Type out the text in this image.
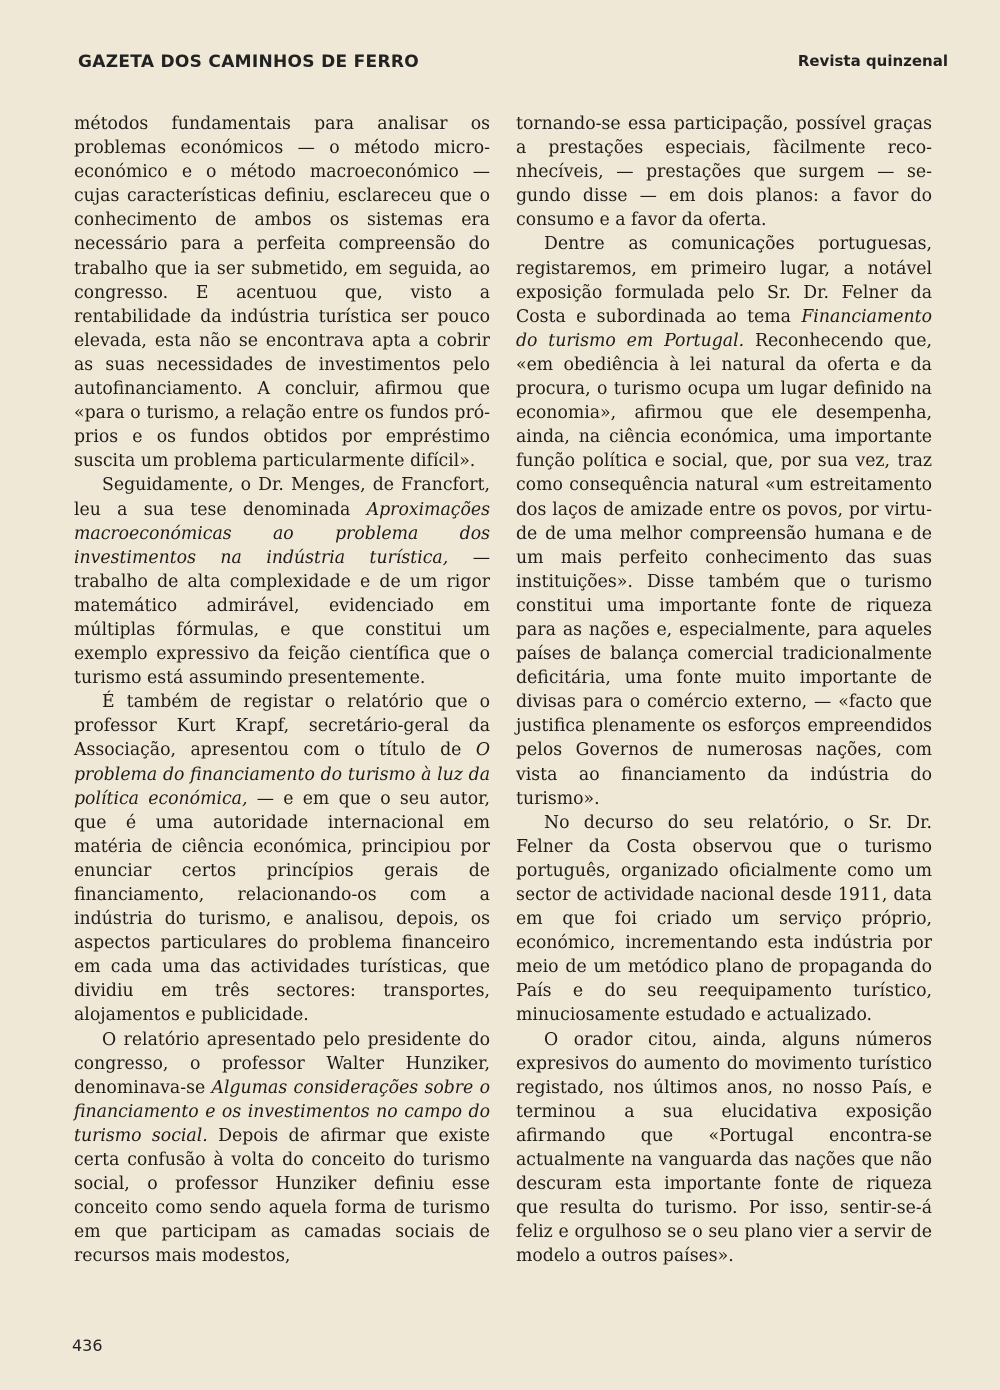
GAZETA DOS CAMINHOS DE FERRO	Revista quinzenal

métodos fundamentais para analisar os problemas económicos — o método microeconómico e o método macroeconómico — cujas características definiu, esclareceu que o conhecimento de ambos os sistemas era necessário para a perfeita compreensão do trabalho que ia ser submetido, em seguida, ao congresso. E acentuou que, visto a rentabilidade da indústria turística ser pouco elevada, esta não se encontrava apta a cobrir as suas necessidades de investimentos pelo autofinanciamento. A concluir, afirmou que «para o turismo, a relação entre os fundos próprios e os fundos obtidos por empréstimo suscita um problema particularmente difícil».

Seguidamente, o Dr. Menges, de Francfort, leu a sua tese denominada Aproximações macroeconómicas ao problema dos investimentos na indústria turística, — trabalho de alta complexidade e de um rigor matemático admirável, evidenciado em múltiplas fórmulas, e que constitui um exemplo expressivo da feição científica que o turismo está assumindo presentemente.

É também de registar o relatório que o professor Kurt Krapf, secretário-geral da Associação, apresentou com o título de O problema do financiamento do turismo à luz da política económica, — e em que o seu autor, que é uma autoridade internacional em matéria de ciência económica, principiou por enunciar certos princípios gerais de financiamento, relacionando-os com a indústria do turismo, e analisou, depois, os aspectos particulares do problema financeiro em cada uma das actividades turísticas, que dividiu em três sectores: transportes, alojamentos e publicidade.

O relatório apresentado pelo presidente do congresso, o professor Walter Hunziker, denominava-se Algumas considerações sobre o financiamento e os investimentos no campo do turismo social. Depois de afirmar que existe certa confusão à volta do conceito do turismo social, o professor Hunziker definiu esse conceito como sendo aquela forma de turismo em que participam as camadas sociais de recursos mais modestos,

tornando-se essa participação, possível graças a prestações especiais, fàcilmente reconhecíveis, — prestações que surgem — segundo disse — em dois planos: a favor do consumo e a favor da oferta.

Dentre as comunicações portuguesas, registaremos, em primeiro lugar, a notável exposição formulada pelo Sr. Dr. Felner da Costa e subordinada ao tema Financiamento do turismo em Portugal. Reconhecendo que, «em obediência à lei natural da oferta e da procura, o turismo ocupa um lugar definido na economia», afirmou que ele desempenha, ainda, na ciência económica, uma importante função política e social, que, por sua vez, traz como consequência natural «um estreitamento dos laços de amizade entre os povos, por virtude de uma melhor compreensão humana e de um mais perfeito conhecimento das suas instituições». Disse também que o turismo constitui uma importante fonte de riqueza para as nações e, especialmente, para aqueles países de balança comercial tradicionalmente deficitária, uma fonte muito importante de divisas para o comércio externo, — «facto que justifica plenamente os esforços empreendidos pelos Governos de numerosas nações, com vista ao financiamento da indústria do turismo».

No decurso do seu relatório, o Sr. Dr. Felner da Costa observou que o turismo português, organizado oficialmente como um sector de actividade nacional desde 1911, data em que foi criado um serviço próprio, económico, incrementando esta indústria por meio de um metódico plano de propaganda do País e do seu reequipamento turístico, minuciosamente estudado e actualizado.

O orador citou, ainda, alguns números expresivos do aumento do movimento turístico registado, nos últimos anos, no nosso País, e terminou a sua elucidativa exposição afirmando que «Portugal encontra-se actualmente na vanguarda das nações que não descuram esta importante fonte de riqueza que resulta do turismo. Por isso, sentir-se-á feliz e orgulhoso se o seu plano vier a servir de modelo a outros países».

436
